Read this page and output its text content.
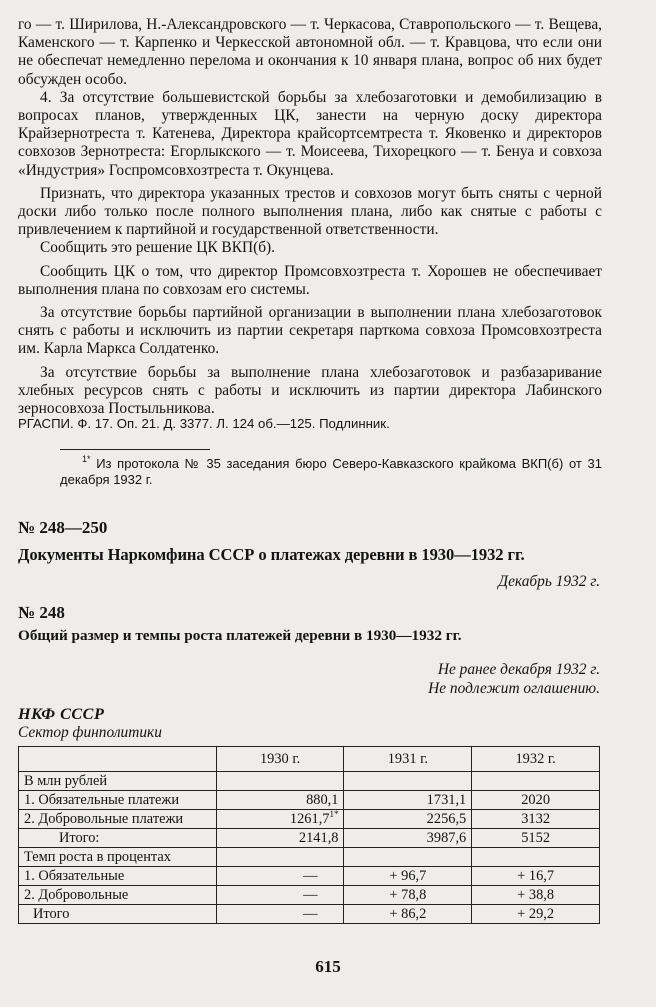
го — т. Ширилова, Н.-Александровского — т. Черкасова, Ставропольского — т. Вещева, Каменского — т. Карпенко и Черкесской автономной обл. — т. Кравцова, что если они не обеспечат немедленно перелома и окончания к 10 января плана, вопрос об них будет обсужден особо.

4. За отсутствие большевистской борьбы за хлебозаготовки и демобилизацию в вопросах планов, утвержденных ЦК, занести на черную доску директора Крайзернотреста т. Катенева, Директора крайсортсемтреста т. Яковенко и директоров совхозов Зернотреста: Егорлыкского — т. Моисеева, Тихорецкого — т. Бенуа и совхоза «Индустрия» Госпромсовхозтреста т. Окунцева.

Признать, что директора указанных трестов и совхозов могут быть сняты с черной доски либо только после полного выполнения плана, либо как снятые с работы с привлечением к партийной и государственной ответственности.

Сообщить это решение ЦК ВКП(б).

Сообщить ЦК о том, что директор Промсовхозтреста т. Хорошев не обеспечивает выполнения плана по совхозам его системы.

За отсутствие борьбы партийной организации в выполнении плана хлебозаготовок снять с работы и исключить из партии секретаря парткома совхоза Промсовхозтреста им. Карла Маркса Солдатенко.

За отсутствие борьбы за выполнение плана хлебозаготовок и разбазаривание хлебных ресурсов снять с работы и исключить из партии директора Лабинского зерносовхоза Постыльникова.

РГАСПИ. Ф. 17. Оп. 21. Д. 3377. Л. 124 об.—125. Подлинник.
$^{1*}$ Из протокола № 35 заседания бюро Северо-Кавказского крайкома ВКП(б) от 31 декабря 1932 г.
№ 248—250
Документы Наркомфина СССР о платежах деревни в 1930—1932 гг.
Декабрь 1932 г.
№ 248
Общий размер и темпы роста платежей деревни в 1930—1932 гг.
Не ранее декабря 1932 г.
Не подлежит оглашению.
НКФ СССР
Сектор финполитики
	1930 г.	1931 г.	1932 г.
В млн рублей			
1. Обязательные платежи	880,1	1731,1	2020
2. Добровольные платежи	$1261,7^{1*}$	2256,5	3132
Итого:	2141,8	3987,6	5152
Темп роста в процентах			
1. Обязательные	—	+ 96,7	+ 16,7
2. Добровольные	—	+ 78,8	+ 38,8
Итого	—	+ 86,2	+ 29,2
615
